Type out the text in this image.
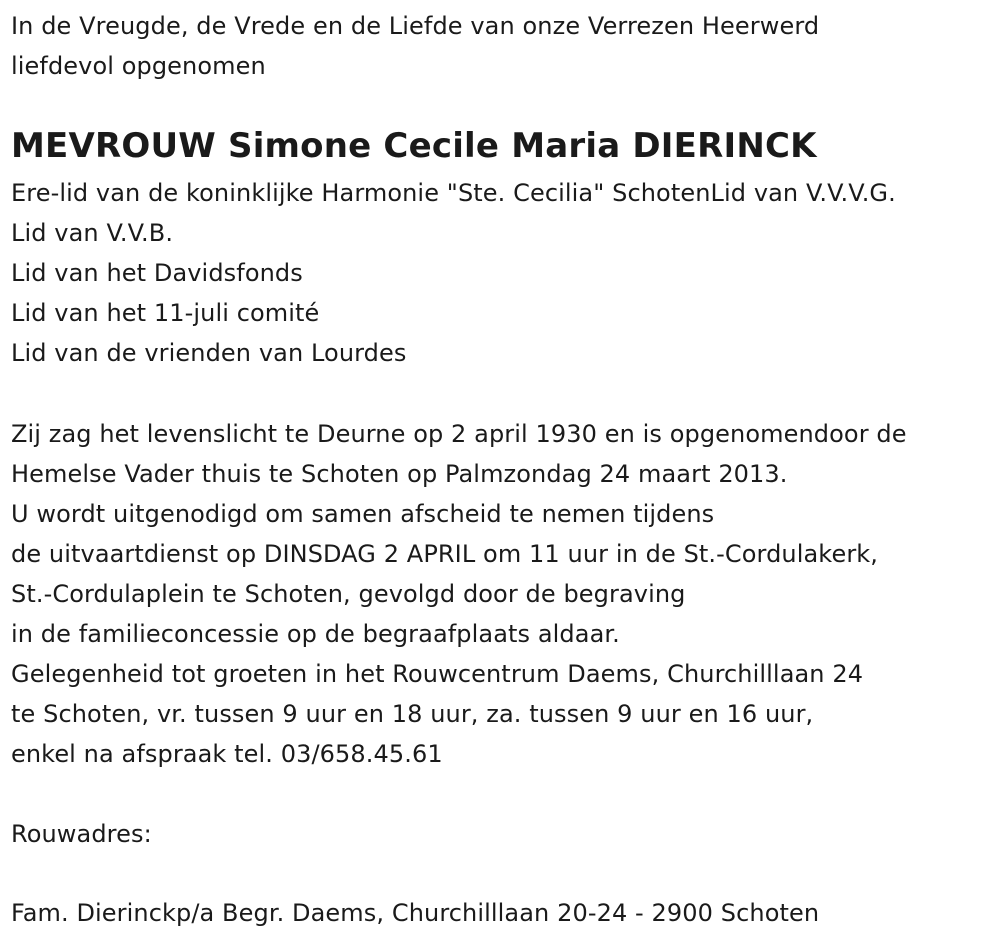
In de Vreugde, de Vrede en de Liefde van onze Verrezen Heerwerd
liefdevol opgenomen
MEVROUW Simone Cecile Maria DIERINCK
Ere-lid van de koninklijke Harmonie "Ste. Cecilia" SchotenLid van V.V.V.G.
Lid van V.V.B.
Lid van het Davidsfonds
Lid van het 11-juli comité
Lid van de vrienden van Lourdes
Zij zag het levenslicht te Deurne op 2 april 1930 en is opgenomendoor de
Hemelse Vader thuis te Schoten op Palmzondag 24 maart 2013.
U wordt uitgenodigd om samen afscheid te nemen tijdens
de uitvaartdienst op DINSDAG 2 APRIL om 11 uur in de St.-Cordulakerk,
St.-Cordulaplein te Schoten, gevolgd door de begraving
in de familieconcessie op de begraafplaats aldaar.
Gelegenheid tot groeten in het Rouwcentrum Daems, Churchilllaan 24
te Schoten, vr. tussen 9 uur en 18 uur, za. tussen 9 uur en 16 uur,
enkel na afspraak tel. 03/658.45.61
Rouwadres:
Fam. Dierinckp/a Begr. Daems, Churchilllaan 20-24 - 2900 Schoten
